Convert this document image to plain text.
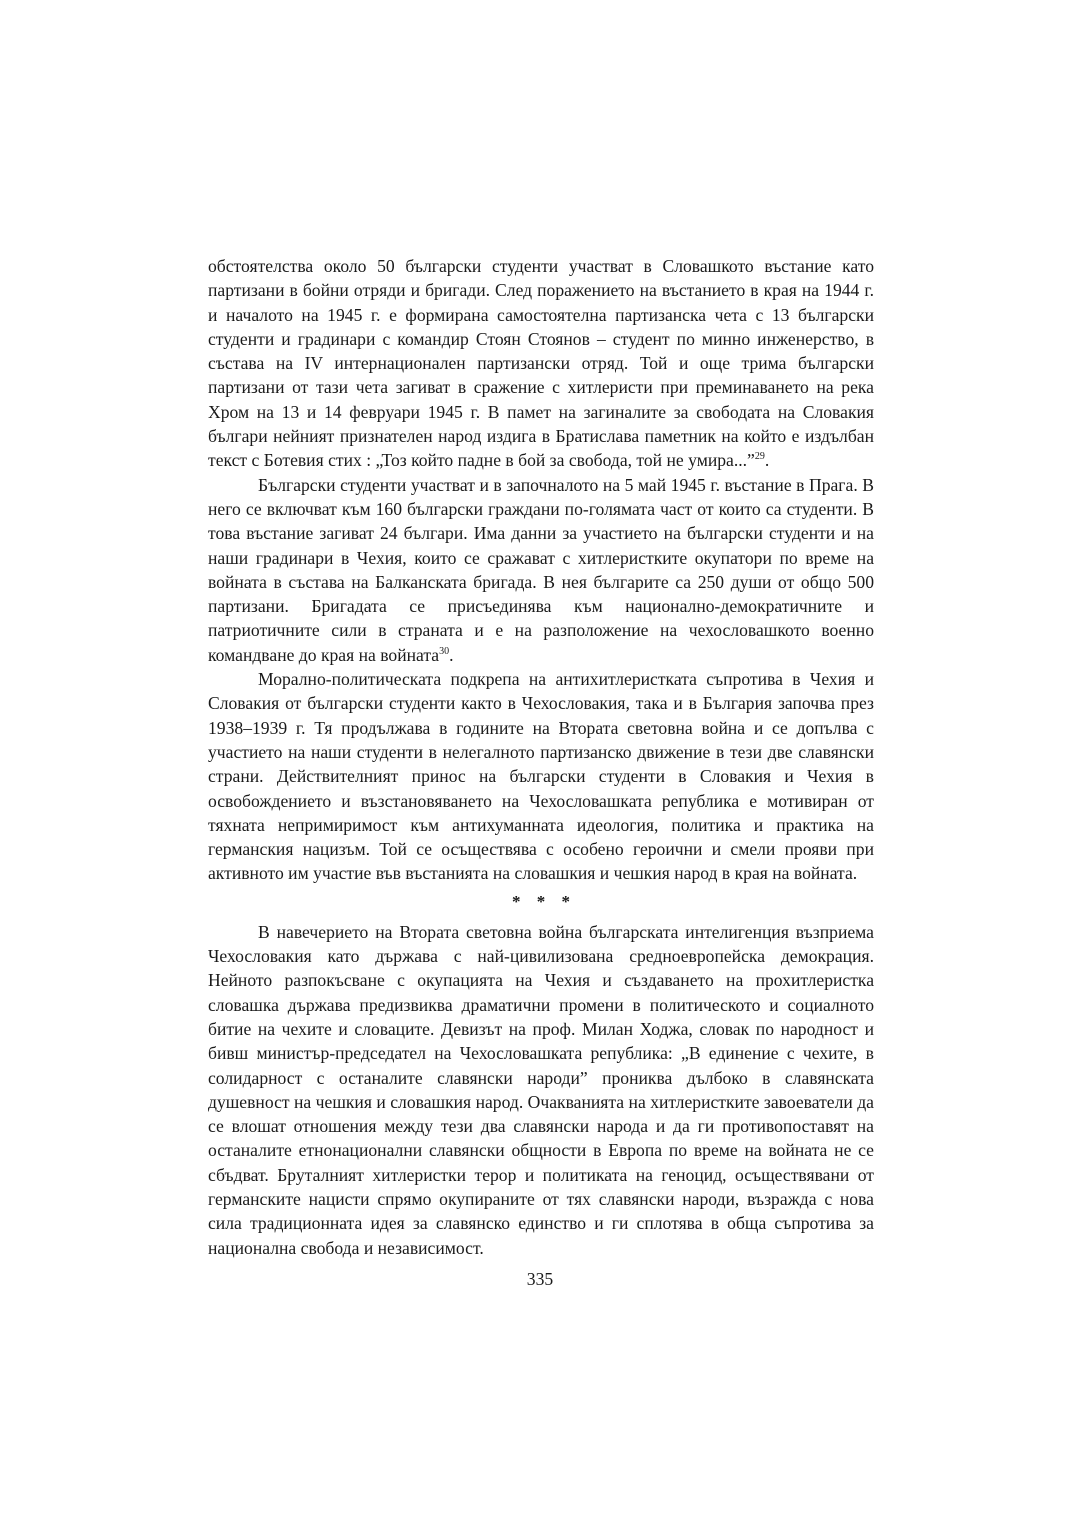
обстоятелства около 50 български студенти участват в Словашкото въстание като партизани в бойни отряди и бригади. След поражението на въстанието в края на 1944 г. и началото на 1945 г. е формирана самостоятелна партизанска чета с 13 български студенти и градинари с командир Стоян Стоянов – студент по минно инженерство, в състава на IV интернационален партизански отряд. Той и още трима български партизани от тази чета загиват в сражение с хитлеристи при преминаването на река Хром на 13 и 14 февруари 1945 г. В памет на загиналите за свободата на Словакия българи нейният признателен народ издига в Братислава паметник на който е издълбан текст с Ботевия стих : „Тоз който падне в бой за свобода, той не умира...”$^{29}$.

Български студенти участват и в започналото на 5 май 1945 г. въстание в Прага. В него се включват към 160 български граждани по-голямата част от които са студенти. В това въстание загиват 24 българи. Има данни за участието на български студенти и на наши градинари в Чехия, които се сражават с хитлеристките окупатори по време на войната в състава на Балканската бригада. В нея българите са 250 души от общо 500 партизани. Бригадата се присъединява към национално-демократичните и патриотичните сили в страната и е на разположение на чехословашкото военно командване до края на войната$^{30}$.

Морално-политическата подкрепа на антихитлеристката съпротива в Чехия и Словакия от български студенти както в Чехословакия, така и в България започва през 1938–1939 г. Тя продължава в годините на Втората световна война и се допълва с участието на наши студенти в нелегалното партизанско движение в тези две славянски страни. Действителният принос на български студенти в Словакия и Чехия в освобождението и възстановяването на Чехословашката република е мотивиран от тяхната непримиримост към антихуманната идеология, политика и практика на германския нацизъм. Той се осъществява с особено героични и смели прояви при активното им участие във въстанията на словашкия и чешкия народ в края на войната.

* * *

В навечерието на Втората световна война българската интелигенция възприема Чехословакия като държава с най-цивилизована средноевропейска демокрация. Нейното разпокъсване с окупацията на Чехия и създаването на прохитлеристка словашка държава предизвиква драматични промени в политическото и социалното битие на чехите и словаците. Девизът на проф. Милан Ходжа, словак по народност и бивш министър-председател на Чехословашката република: „В единение с чехите, в солидарност с останалите славянски народи” прониква дълбоко в славянската душевност на чешкия и словашкия народ. Очакванията на хитлеристките завоеватели да се влошат отношения между тези два славянски народа и да ги противопоставят на останалите етнонационални славянски общности в Европа по време на войната не се сбъдват. Бруталният хитлеристки терор и политиката на геноцид, осъществявани от германските нацисти спрямо окупираните от тях славянски народи, възражда с нова сила традиционната идея за славянско единство и ги сплотява в обща съпротива за национална свобода и независимост.

335
